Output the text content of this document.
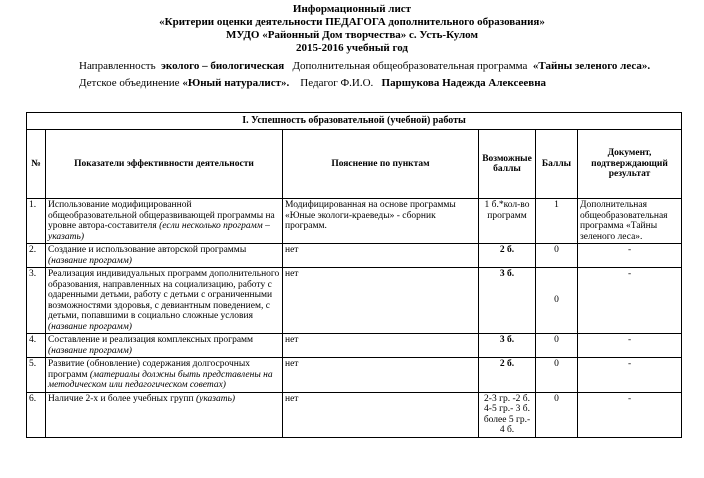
Информационный лист
«Критерии оценки деятельности ПЕДАГОГА дополнительного образования»
МУДО «Районный Дом творчества» с. Усть-Кулом
2015-2016 учебный год
Направленность эколого – биологическая Дополнительная общеобразовательная программа «Тайны зеленого леса».
Детское объединение «Юный натуралист». Педагог Ф.И.О. Паршукова Надежда Алексеевна
I. Успешность образовательной (учебной) работы					
№	Показатели эффективности деятельности	Пояснение по пунктам	Возможные баллы	Баллы	Документ, подтверждающий результат
1.	Использование модифицированной общеобразовательной общеразвивающей программы на уровне автора-составителя (если несколько программ – указать)	Модифицированная на основе программы «Юные экологи-краеведы» - сборник программ.	1 б.*кол-во программ	1	Дополнительная общеобразовательная программа «Тайны зеленого леса».
2.	Создание и использование авторской программы (название программ)	нет	2 б.	0	-
3.	Реализация индивидуальных программ дополнительного образования, направленных на социализацию, работу с одаренными детьми, работу с детьми с ограниченными возможностями здоровья, с девиантным поведением, с детьми, попавшими в социально сложные условия (название программ)	нет	3 б.	0	-
4.	Составление и реализация комплексных программ (название программ)	нет	3 б.	0	-
5.	Развитие (обновление) содержания долгосрочных программ (материалы должны быть представлены на методическом или педагогическом советах)	нет	2 б.	0	-
6.	Наличие 2-х и более учебных групп (указать)	нет	2-3 гр. -2 б. 4-5 гр.- 3 б. более 5 гр.- 4 б.	0	-
